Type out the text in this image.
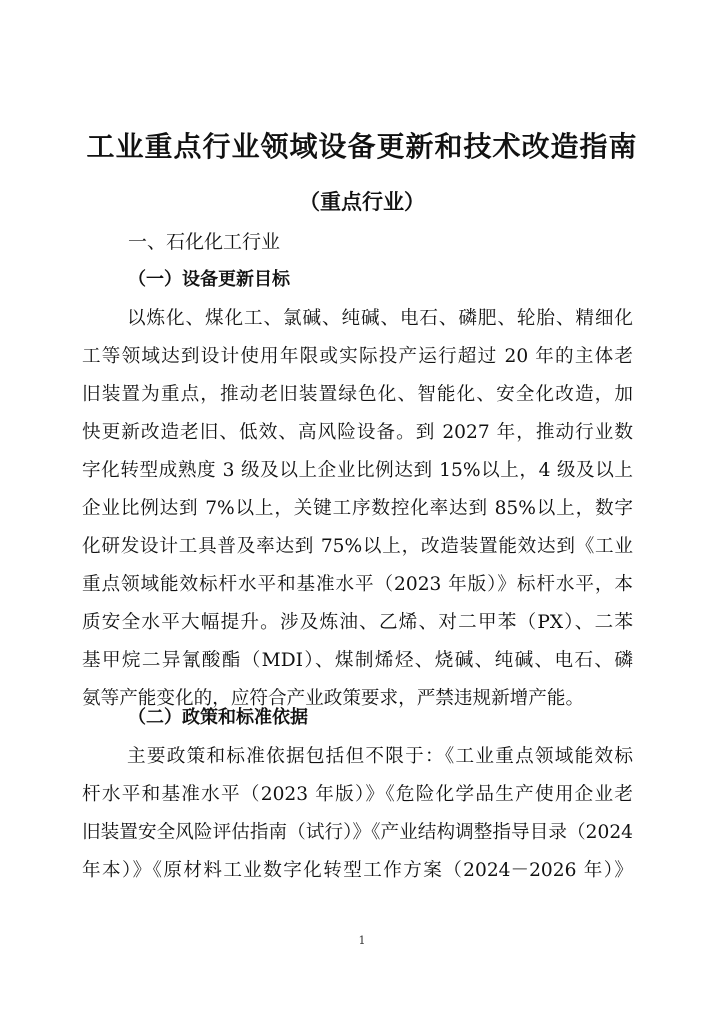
工业重点行业领域设备更新和技术改造指南
（重点行业）
一、石化化工行业
（一）设备更新目标
以炼化、煤化工、氯碱、纯碱、电石、磷肥、轮胎、精细化
工等领域达到设计使用年限或实际投产运行超过 20 年的主体老
旧装置为重点，推动老旧装置绿色化、智能化、安全化改造，加
快更新改造老旧、低效、高风险设备。到 2027 年，推动行业数
字化转型成熟度 3 级及以上企业比例达到 15%以上，4 级及以上
企业比例达到 7%以上，关键工序数控化率达到 85%以上，数字
化研发设计工具普及率达到 75%以上，改造装置能效达到《工业
重点领域能效标杆水平和基准水平（2023 年版）》标杆水平，本
质安全水平大幅提升。涉及炼油、乙烯、对二甲苯（PX）、二苯
基甲烷二异氰酸酯（MDI）、煤制烯烃、烧碱、纯碱、电石、磷
氨等产能变化的，应符合产业政策要求，严禁违规新增产能。
（二）政策和标准依据
主要政策和标准依据包括但不限于：《工业重点领域能效标
杆水平和基准水平（2023 年版）》《危险化学品生产使用企业老
旧装置安全风险评估指南（试行）》《产业结构调整指导目录（2024
年本）》《原材料工业数字化转型工作方案（2024－2026 年）》
1
